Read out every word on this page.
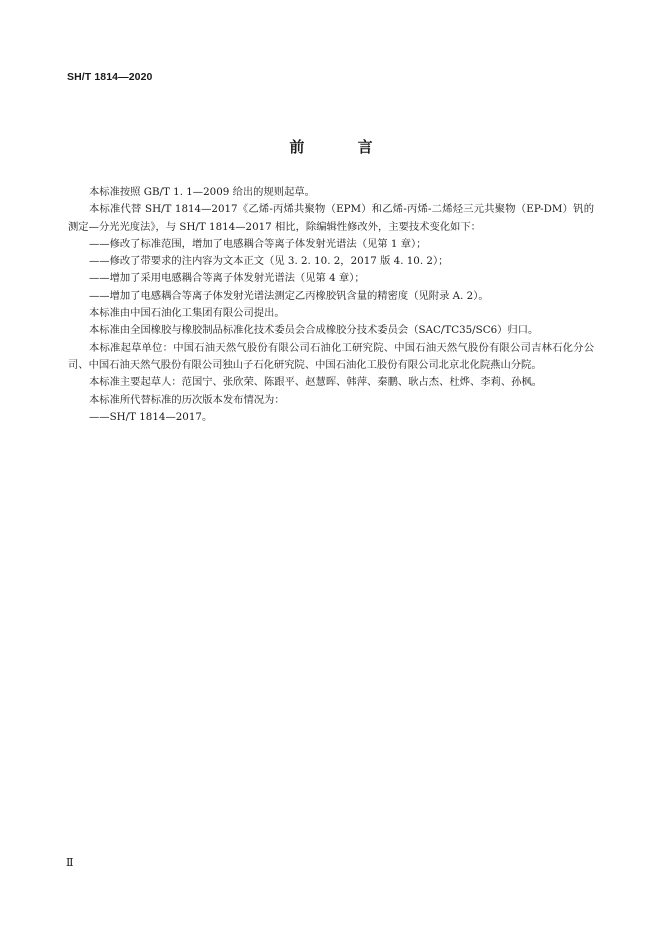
SH/T 1814—2020
前 言

本标准按照 GB/T 1. 1—2009 给出的规则起草。

本标准代替 SH/T 1814—2017《乙烯-丙烯共聚物（EPM）和乙烯-丙烯-二烯烃三元共聚物（EP-DM）钒的测定—分光光度法》，与 SH/T 1814—2017 相比，除编辑性修改外，主要技术变化如下：

——修改了标准范围，增加了电感耦合等离子体发射光谱法（见第 1 章）；

——修改了带要求的注内容为文本正文（见 3. 2. 10. 2，2017 版 4. 10. 2）；

——增加了采用电感耦合等离子体发射光谱法（见第 4 章）；

——增加了电感耦合等离子体发射光谱法测定乙丙橡胶钒含量的精密度（见附录 A. 2）。

本标准由中国石油化工集团有限公司提出。

本标准由全国橡胶与橡胶制品标准化技术委员会合成橡胶分技术委员会（SAC/TC35/SC6）归口。

本标准起草单位：中国石油天然气股份有限公司石油化工研究院、中国石油天然气股份有限公司吉林石化分公司、中国石油天然气股份有限公司独山子石化研究院、中国石油化工股份有限公司北京北化院燕山分院。

本标准主要起草人：范国宁、张欣荣、陈跟平、赵慧晖、韩萍、秦鹏、耿占杰、杜烨、李莉、孙枫。

本标准所代替标准的历次版本发布情况为：

——SH/T 1814—2017。

Ⅱ
